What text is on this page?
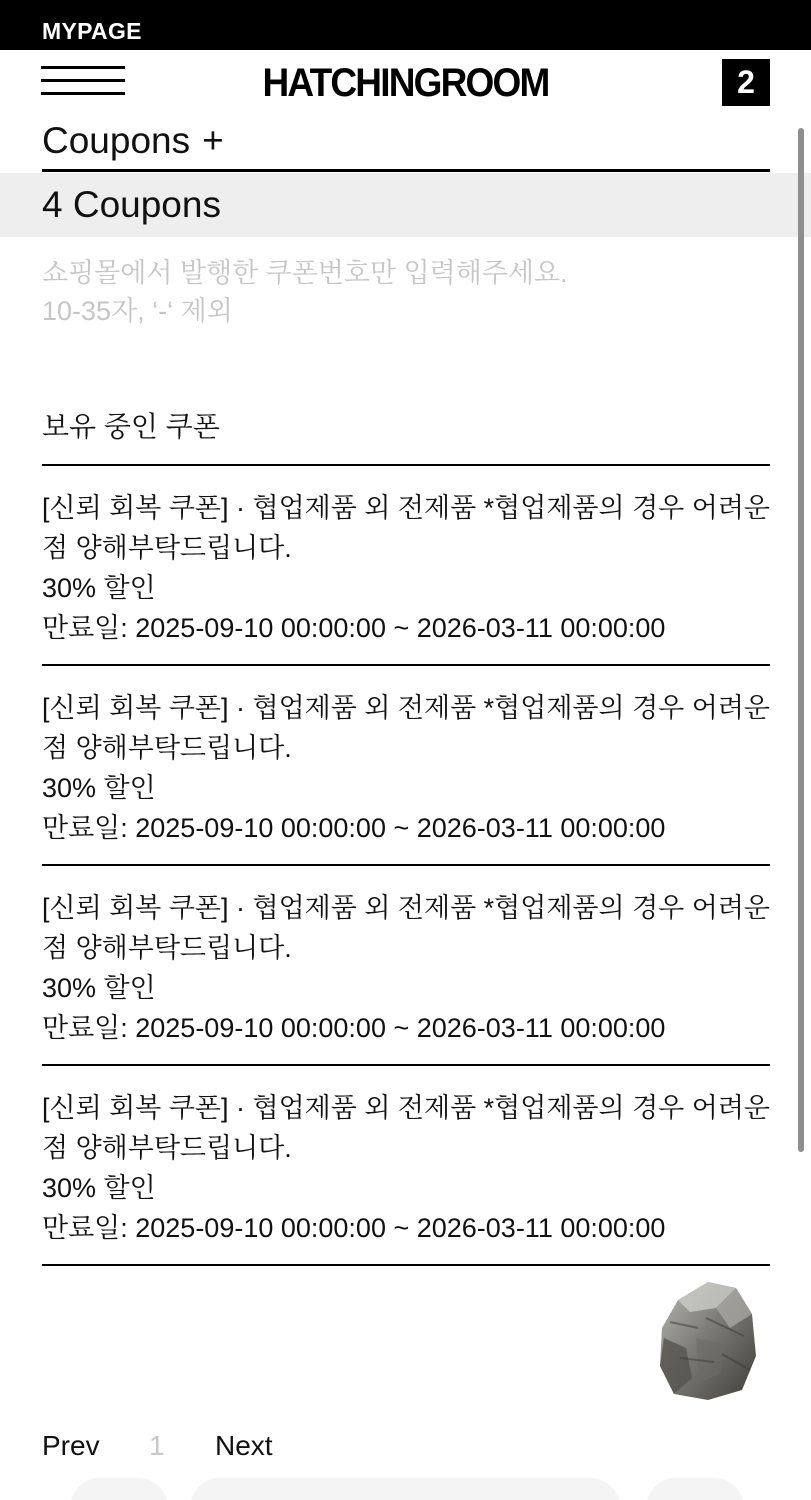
MYPAGE
HATCHINGROOM	2
Coupons +
4 Coupons
쇼핑몰에서 발행한 쿠폰번호만 입력해주세요. 10-35자, ‘-‘ 제외
보유 중인 쿠폰
[신뢰 회복 쿠폰] · 협업제품 외 전제품 *협업제품의 경우 어려운 점 양해부탁드립니다.
30% 할인
만료일: 2025-09-10 00:00:00 ~ 2026-03-11 00:00:00
[신뢰 회복 쿠폰] · 협업제품 외 전제품 *협업제품의 경우 어려운 점 양해부탁드립니다.
30% 할인
만료일: 2025-09-10 00:00:00 ~ 2026-03-11 00:00:00
[신뢰 회복 쿠폰] · 협업제품 외 전제품 *협업제품의 경우 어려운 점 양해부탁드립니다.
30% 할인
만료일: 2025-09-10 00:00:00 ~ 2026-03-11 00:00:00
[신뢰 회복 쿠폰] · 협업제품 외 전제품 *협업제품의 경우 어려운 점 양해부탁드립니다.
30% 할인
만료일: 2025-09-10 00:00:00 ~ 2026-03-11 00:00:00
Prev 1 Next
